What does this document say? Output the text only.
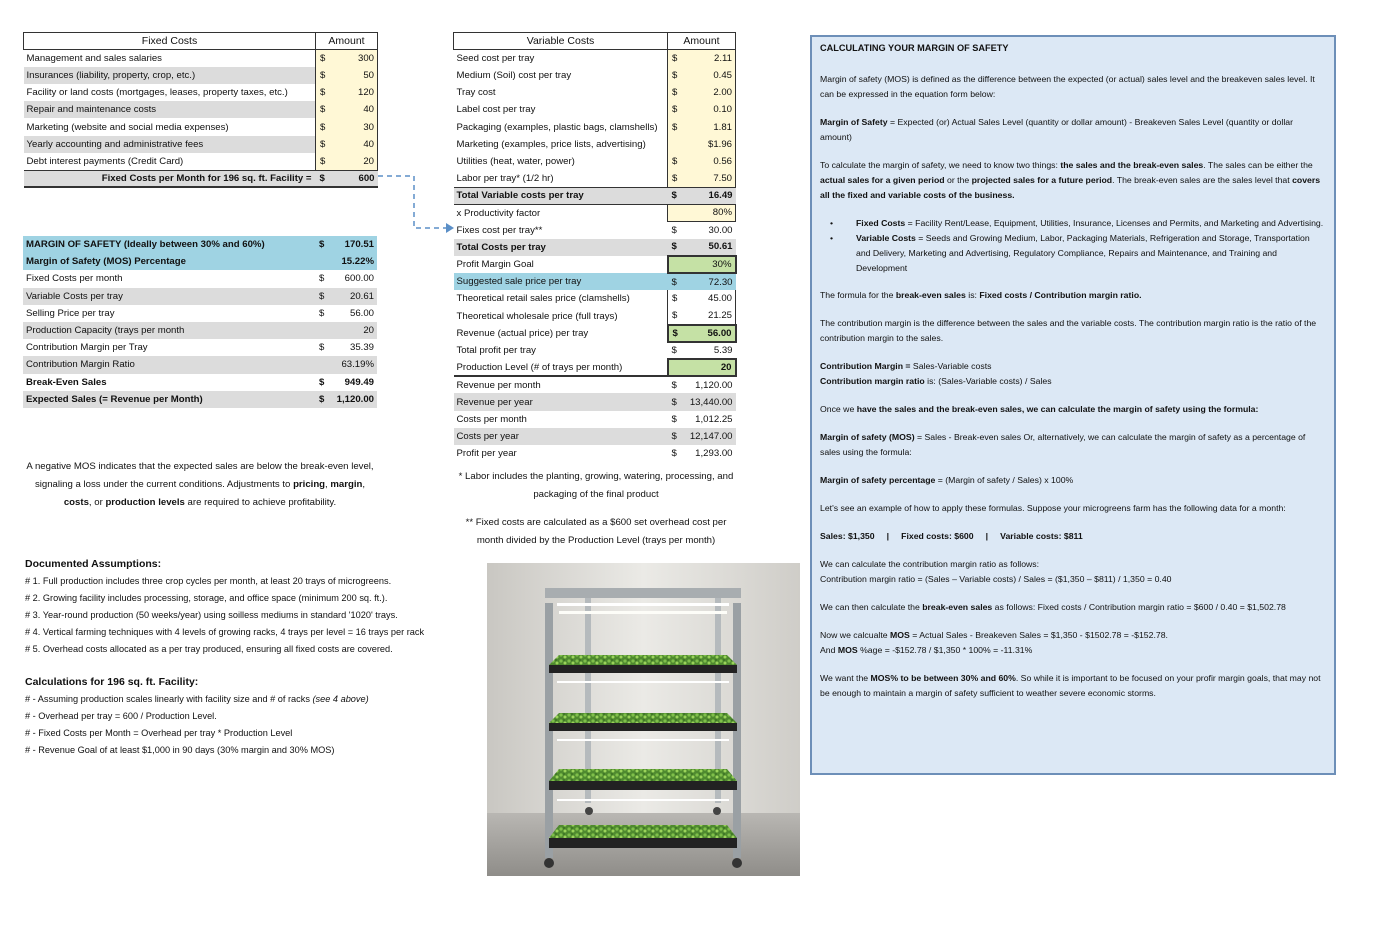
Fixed Costs	Amount	
Management and sales salaries	$	300
Insurances (liability, property, crop, etc.)	$	50
Facility or land costs (mortgages, leases, property taxes, etc.)	$	120
Repair and maintenance costs	$	40
Marketing (website and social media expenses)	$	30
Yearly accounting and administrative fees	$	40
Debt interest payments (Credit Card)	$	20
Fixed Costs per Month for 196 sq. ft. Facility =	$	600
MARGIN OF SAFETY (Ideally between 30% and 60%)	$	170.51
Margin of Safety (MOS) Percentage		15.22%
Fixed Costs per month	$	600.00
Variable Costs per tray	$	20.61
Selling Price per tray	$	56.00
Production Capacity (trays per month		20
Contribution Margin per Tray	$	35.39
Contribution Margin Ratio		63.19%
Break-Even Sales	$	949.49
Expected Sales (= Revenue per Month)	$	1,120.00
A negative MOS indicates that the expected sales are below the break-even level,
signaling a loss under the current conditions. Adjustments to pricing, margin,
costs, or production levels are required to achieve profitability.
Documented Assumptions:
# 1. Full production includes three crop cycles per month, at least 20 trays of microgreens.
# 2. Growing facility includes processing, storage, and office space (minimum 200 sq. ft.).
# 3. Year-round production (50 weeks/year) using soilless mediums in standard '1020' trays.
# 4. Vertical farming techniques with 4 levels of growing racks, 4 trays per level = 16 trays per rack
# 5. Overhead costs allocated as a per tray produced, ensuring all fixed costs are covered.
Calculations for 196 sq. ft. Facility:
# - Assuming production scales linearly with facility size and # of racks (see 4 above)
# - Overhead per tray = 600 / Production Level.
# - Fixed Costs per Month = Overhead per tray * Production Level
# - Revenue Goal of at least $1,000 in 90 days (30% margin and 30% MOS)
Variable Costs	Amount	
Seed cost per tray	$	2.11
Medium (Soil) cost per tray	$	0.45
Tray cost	$	2.00
Label cost per tray	$	0.10
Packaging (examples, plastic bags, clamshells)	$	1.81
Marketing (examples, price lists, advertising)		$1.96
Utilities (heat, water, power)	$	0.56
Labor per tray* (1/2 hr)	$	7.50
Total Variable costs per tray	$	16.49
x Productivity factor	80%	
Fixes cost per tray**	$	30.00
Total Costs per tray	$	50.61
Profit Margin Goal	30%	
Suggested sale price per tray	$	72.30
Theoretical retail sales price (clamshells)	$	45.00
Theoretical wholesale price (full trays)	$	21.25
Revenue (actual price) per tray	$	56.00
Total profit per tray	$	5.39
Production Level (# of trays per month)	20	
Revenue per month	$	1,120.00
Revenue per year	$	13,440.00
Costs per month	$	1,012.25
Costs per year	$	12,147.00
Profit per year	$	1,293.00
* Labor includes the planting, growing, watering, processing, and
packaging of the final product
** Fixed costs are calculated as a $600 set overhead cost per
month divided by the Production Level (trays per month)

CALCULATING YOUR MARGIN OF SAFETY

Margin of safety (MOS) is defined as the difference between the expected (or actual) sales level and the breakeven sales level. It can be expressed in the equation form below:

Margin of Safety = Expected (or) Actual Sales Level (quantity or dollar amount) - Breakeven Sales Level (quantity or dollar amount)

To calculate the margin of safety, we need to know two things: the sales and the break-even sales. The sales can be either the actual sales for a given period or the projected sales for a future period. The break-even sales are the sales level that covers all the fixed and variable costs of the business.

• Fixed Costs = Facility Rent/Lease, Equipment, Utilities, Insurance, Licenses and Permits, and Marketing and Advertising.
• Variable Costs = Seeds and Growing Medium, Labor, Packaging Materials, Refrigeration and Storage, Transportation and Delivery, Marketing and Advertising, Regulatory Compliance, Repairs and Maintenance, and Training and Development

The formula for the break-even sales is: Fixed costs / Contribution margin ratio.

The contribution margin is the difference between the sales and the variable costs. The contribution margin ratio is the ratio of the contribution margin to the sales.

Contribution Margin = Sales-Variable costs
Contribution margin ratio is: (Sales-Variable costs) / Sales

Once we have the sales and the break-even sales, we can calculate the margin of safety using the formula:

Margin of safety (MOS) = Sales - Break-even sales Or, alternatively, we can calculate the margin of safety as a percentage of sales using the formula:

Margin of safety percentage = (Margin of safety / Sales) x 100%

Let's see an example of how to apply these formulas. Suppose your microgreens farm has the following data for a month:

Sales: $1,350     |     Fixed costs: $600     |     Variable costs: $811

We can calculate the contribution margin ratio as follows:
Contribution margin ratio = (Sales – Variable costs) / Sales = ($1,350 – $811) / 1,350 = 0.40

We can then calculate the break-even sales as follows: Fixed costs / Contribution margin ratio = $600 / 0.40 = $1,502.78

Now we calcualte MOS = Actual Sales - Breakeven Sales = $1,350 - $1502.78 = -$152.78.
And MOS %age = -$152.78 / $1,350 * 100% = -11.31%

We want the MOS% to be between 30% and 60%. So while it is important to be focused on your profir margin goals, that may not be enough to maintain a margin of safety sufficient to weather severe economic storms.
